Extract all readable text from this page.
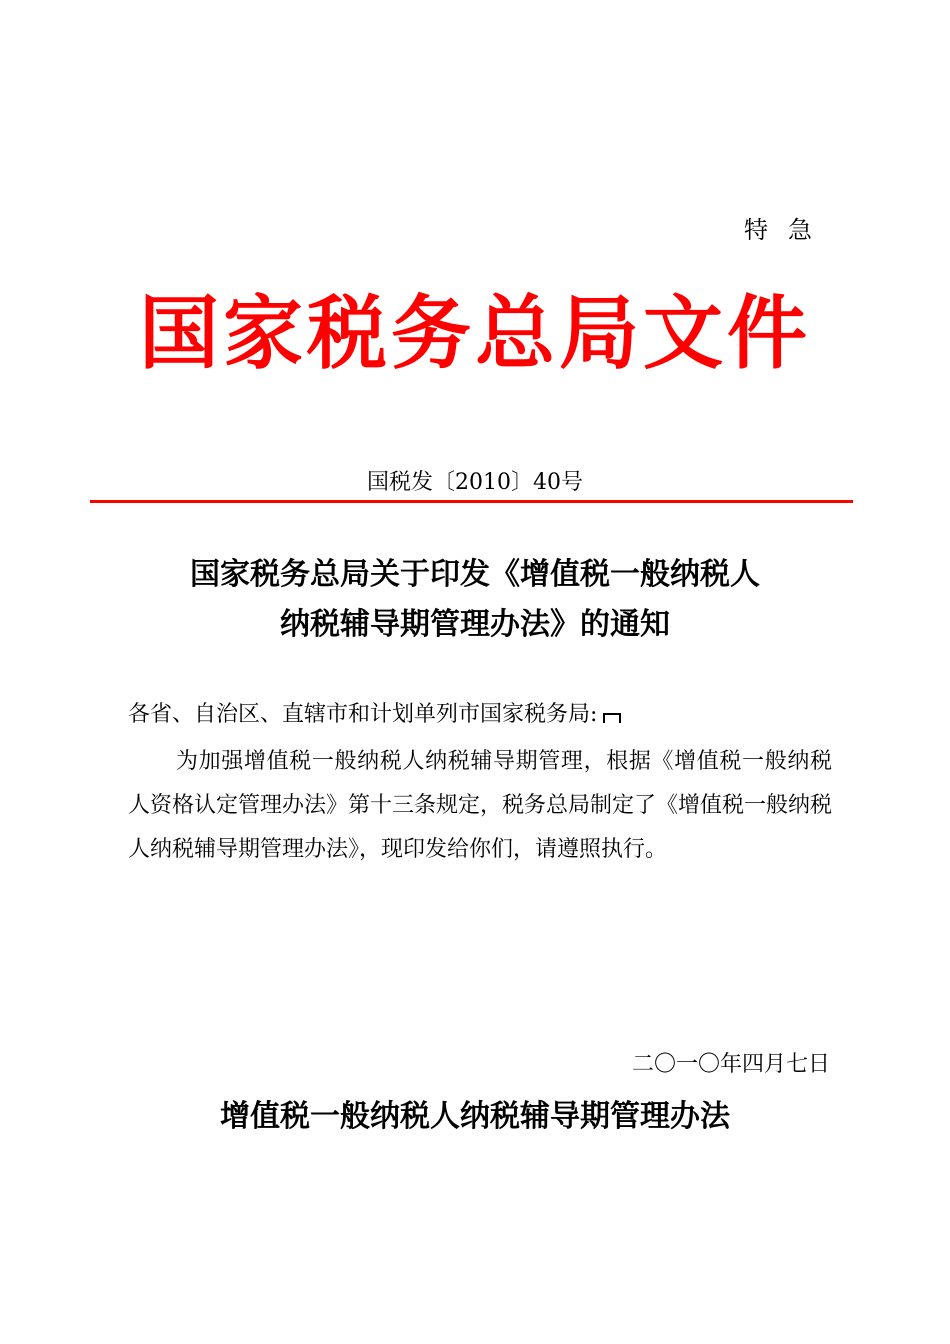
特急
国家税务总局文件
国税发〔2010〕40号
国家税务总局关于印发《增值税一般纳税人
纳税辅导期管理办法》的通知
各省、自治区、直辖市和计划单列市国家税务局:

为加强增值税一般纳税人纳税辅导期管理，根据《增值税一般纳税人资格认定管理办法》第十三条规定，税务总局制定了《增值税一般纳税人纳税辅导期管理办法》，现印发给你们，请遵照执行。

二〇一〇年四月七日
增值税一般纳税人纳税辅导期管理办法
